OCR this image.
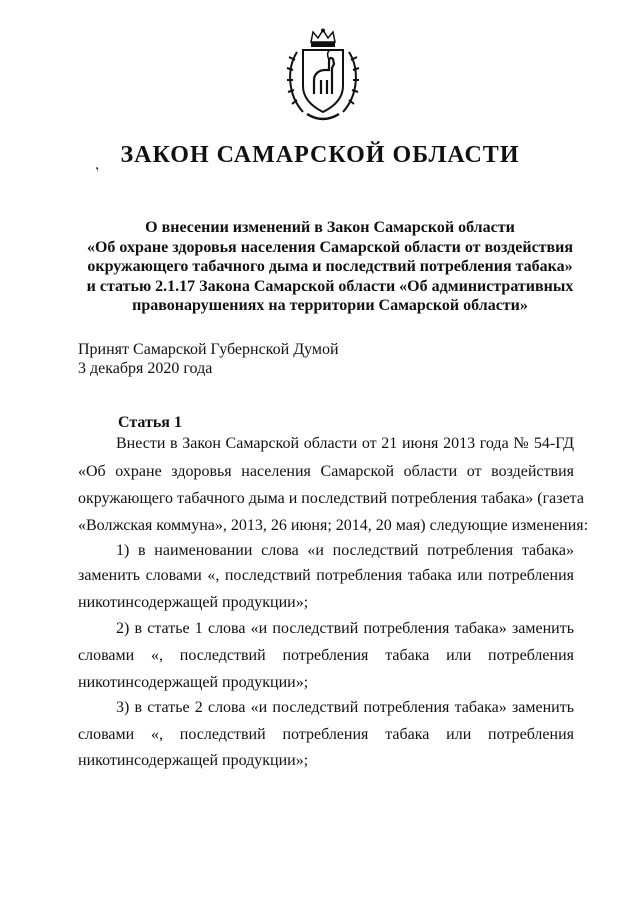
, ЗАКОН САМАРСКОЙ ОБЛАСТИ
О внесении изменений в Закон Самарской области
«Об охране здоровья населения Самарской области от воздействия
окружающего табачного дыма и последствий потребления табака»
и статью 2.1.17 Закона Самарской области «Об административных
правонарушениях на территории Самарской области»
Принят Самарской Губернской Думой
3 декабря 2020 года
Статья 1
Внести в Закон Самарской области от 21 июня 2013 года № 54-ГД
«Об охране здоровья населения Самарской области от воздействия
окружающего табачного дыма и последствий потребления табака» (газета
«Волжская коммуна», 2013, 26 июня; 2014, 20 мая) следующие изменения:
1) в наименовании слова «и последствий потребления табака»
заменить словами «, последствий потребления табака или потребления
никотинсодержащей продукции»;
2) в статье 1 слова «и последствий потребления табака» заменить
словами «, последствий потребления табака или потребления
никотинсодержащей продукции»;
3) в статье 2 слова «и последствий потребления табака» заменить
словами «, последствий потребления табака или потребления
никотинсодержащей продукции»;
